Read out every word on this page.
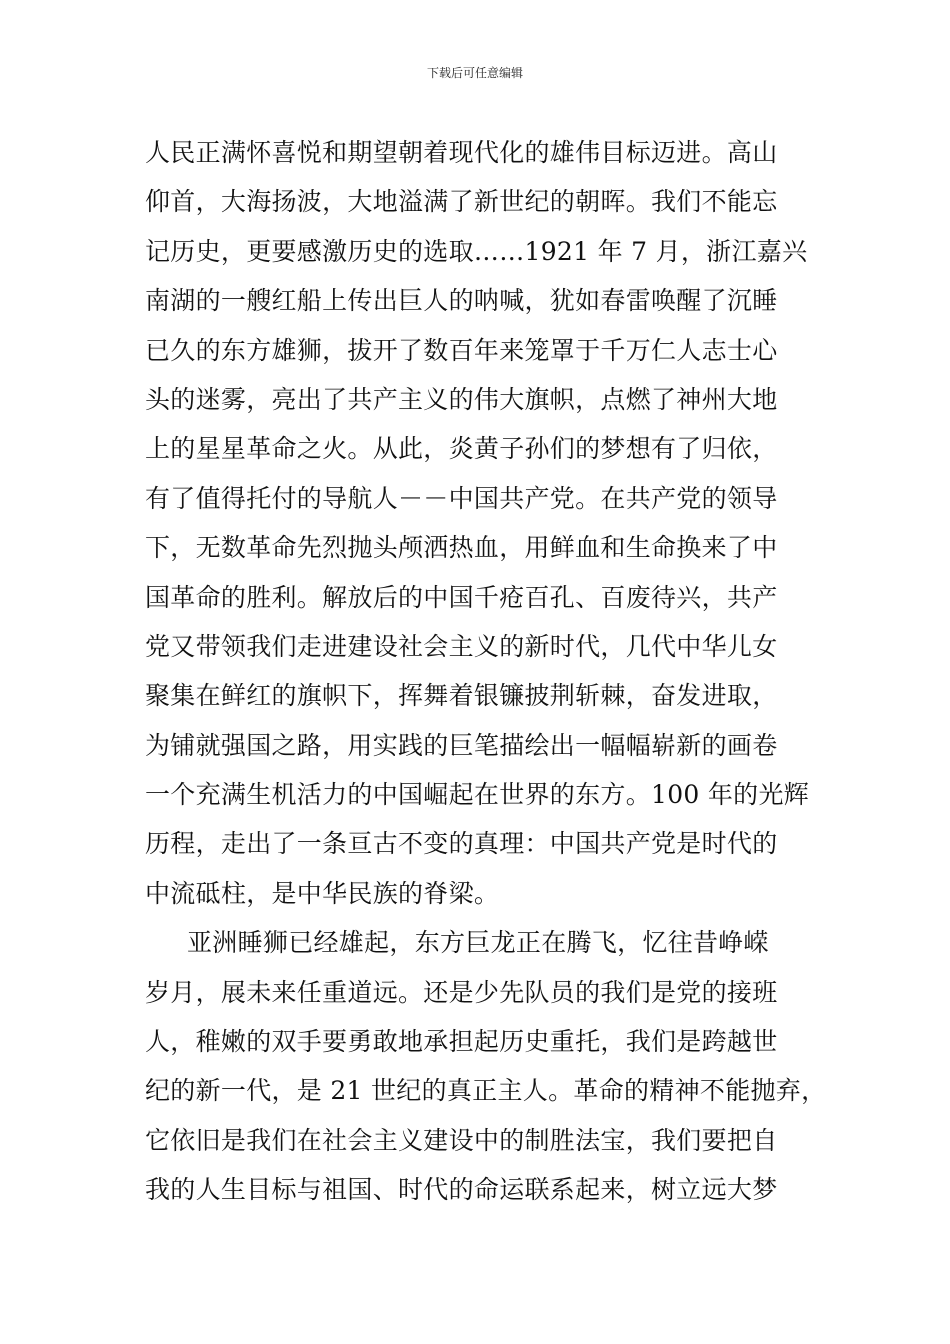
下载后可任意编辑
人民正满怀喜悦和期望朝着现代化的雄伟目标迈进。高山
仰首，大海扬波，大地溢满了新世纪的朝晖。我们不能忘
记历史，更要感激历史的选取……1921 年 7 月，浙江嘉兴
南湖的一艘红船上传出巨人的呐喊，犹如春雷唤醒了沉睡
已久的东方雄狮，拔开了数百年来笼罩于千万仁人志士心
头的迷雾，亮出了共产主义的伟大旗帜，点燃了神州大地
上的星星革命之火。从此，炎黄子孙们的梦想有了归依，
有了值得托付的导航人－－中国共产党。在共产党的领导
下，无数革命先烈抛头颅洒热血，用鲜血和生命换来了中
国革命的胜利。解放后的中国千疮百孔、百废待兴，共产
党又带领我们走进建设社会主义的新时代，几代中华儿女
聚集在鲜红的旗帜下，挥舞着银镰披荆斩棘，奋发进取，
为铺就强国之路，用实践的巨笔描绘出一幅幅崭新的画卷
一个充满生机活力的中国崛起在世界的东方。100 年的光辉
历程，走出了一条亘古不变的真理：中国共产党是时代的
中流砥柱，是中华民族的脊梁。
亚洲睡狮已经雄起，东方巨龙正在腾飞，忆往昔峥嵘
岁月，展未来任重道远。还是少先队员的我们是党的接班
人，稚嫩的双手要勇敢地承担起历史重托，我们是跨越世
纪的新一代，是 21 世纪的真正主人。革命的精神不能抛弃，
它依旧是我们在社会主义建设中的制胜法宝，我们要把自
我的人生目标与祖国、时代的命运联系起来，树立远大梦
